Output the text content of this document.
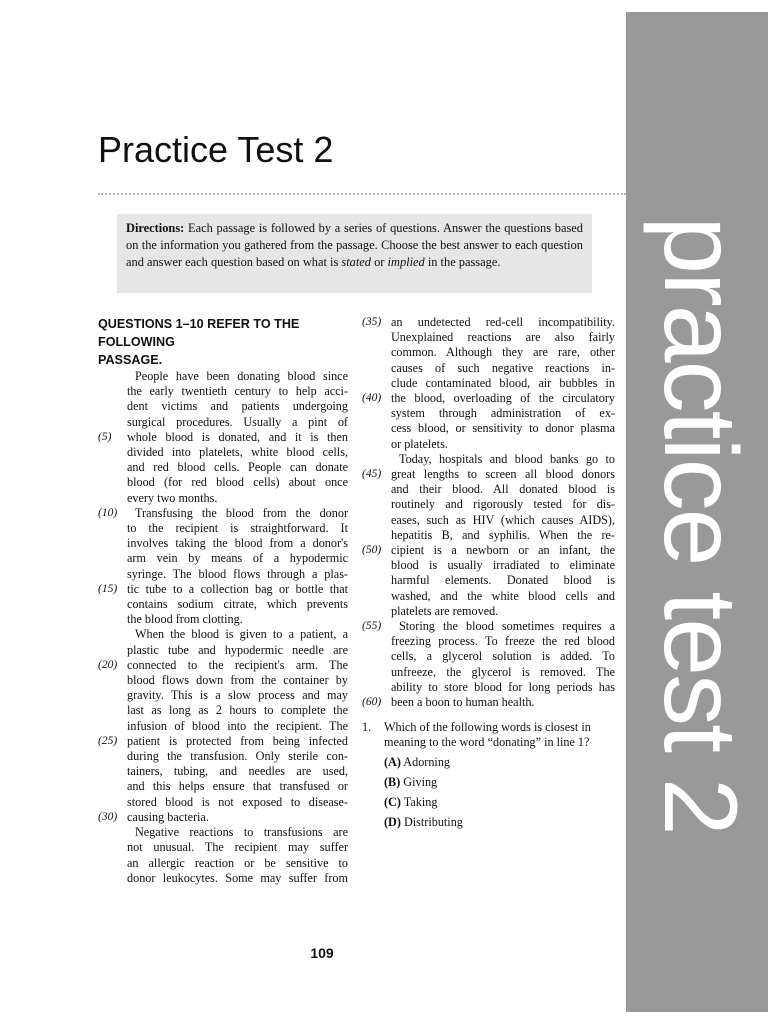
Practice Test 2
Directions: Each passage is followed by a series of questions. Answer the questions based on the information you gathered from the passage. Choose the best answer to each question and answer each question based on what is stated or implied in the passage.
QUESTIONS 1–10 REFER TO THE FOLLOWING
PASSAGE.
People have been donating blood since
the early twentieth century to help acci-
dent victims and patients undergoing
surgical procedures. Usually a pint of
(5) whole blood is donated, and it is then
divided into platelets, white blood cells,
and red blood cells. People can donate
blood (for red blood cells) about once
every two months.
(10) Transfusing the blood from the donor
to the recipient is straightforward. It
involves taking the blood from a donor's
arm vein by means of a hypodermic
syringe. The blood flows through a plas-
(15) tic tube to a collection bag or bottle that
contains sodium citrate, which prevents
the blood from clotting.
When the blood is given to a patient, a
plastic tube and hypodermic needle are
(20) connected to the recipient's arm. The
blood flows down from the container by
gravity. This is a slow process and may
last as long as 2 hours to complete the
infusion of blood into the recipient. The
(25) patient is protected from being infected
during the transfusion. Only sterile con-
tainers, tubing, and needles are used,
and this helps ensure that transfused or
stored blood is not exposed to disease-
(30) causing bacteria.
Negative reactions to transfusions are
not unusual. The recipient may suffer
an allergic reaction or be sensitive to
donor leukocytes. Some may suffer from
(35) an undetected red-cell incompatibility.
Unexplained reactions are also fairly
common. Although they are rare, other
causes of such negative reactions in-
clude contaminated blood, air bubbles in
(40) the blood, overloading of the circulatory
system through administration of ex-
cess blood, or sensitivity to donor plasma
or platelets.
Today, hospitals and blood banks go to
(45) great lengths to screen all blood donors
and their blood. All donated blood is
routinely and rigorously tested for dis-
eases, such as HIV (which causes AIDS),
hepatitis B, and syphilis. When the re-
(50) cipient is a newborn or an infant, the
blood is usually irradiated to eliminate
harmful elements. Donated blood is
washed, and the white blood cells and
platelets are removed.
(55) Storing the blood sometimes requires a
freezing process. To freeze the red blood
cells, a glycerol solution is added. To
unfreeze, the glycerol is removed. The
ability to store blood for long periods has
(60) been a boon to human health.
1. Which of the following words is closest in meaning to the word “donating” in line 1?
(A) Adorning
(B) Giving
(C) Taking
(D) Distributing	practice test 2
109
